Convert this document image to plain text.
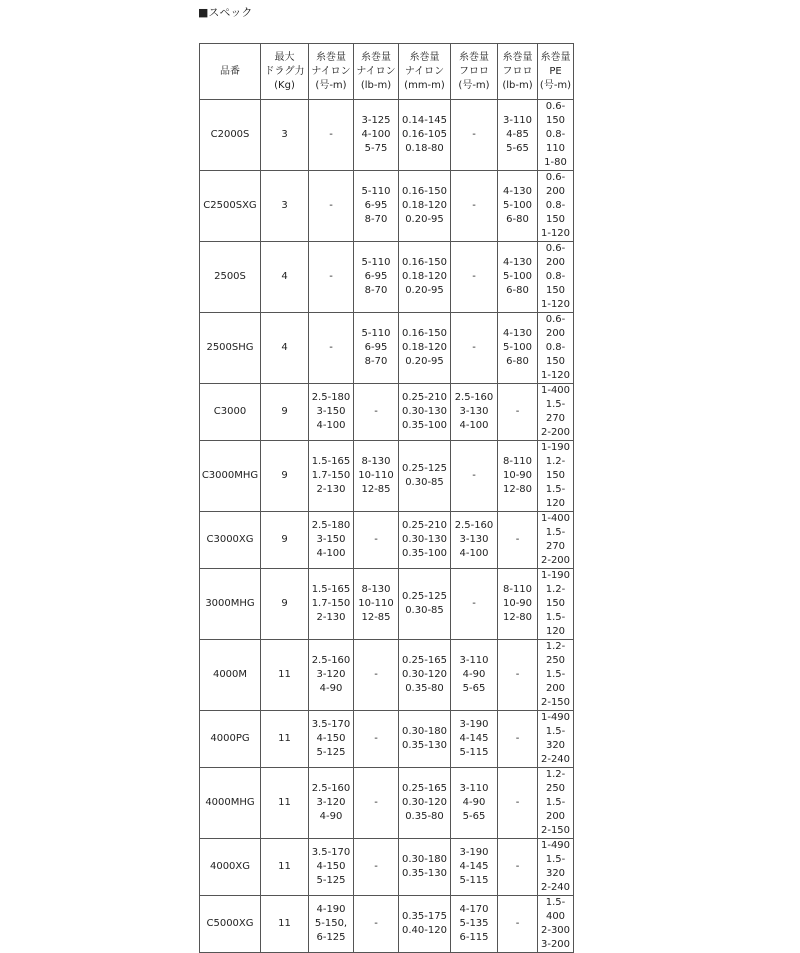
■スペック
品番	最大
ドラグ力
(Kg)	糸巻量
ナイロン
(号-m)	糸巻量
ナイロン
(lb-m)	糸巻量
ナイロン
(mm-m)	糸巻量
フロロ
(号-m)	糸巻量
フロロ
(lb-m)	糸巻量
PE
(号-m)
C2000S	3	-	3-125
4-100
5-75	0.14-145
0.16-105
0.18-80	-	3-110
4-85
5-65	0.6-150
0.8-110
1-80
C2500SXG	3	-	5-110
6-95
8-70	0.16-150
0.18-120
0.20-95	-	4-130
5-100
6-80	0.6-200
0.8-150
1-120
2500S	4	-	5-110
6-95
8-70	0.16-150
0.18-120
0.20-95	-	4-130
5-100
6-80	0.6-200
0.8-150
1-120
2500SHG	4	-	5-110
6-95
8-70	0.16-150
0.18-120
0.20-95	-	4-130
5-100
6-80	0.6-200
0.8-150
1-120
C3000	9	2.5-180
3-150
4-100	-	0.25-210
0.30-130
0.35-100	2.5-160
3-130
4-100	-	1-400
1.5-270
2-200
C3000MHG	9	1.5-165
1.7-150
2-130	8-130
10-110
12-85	0.25-125
0.30-85	-	8-110
10-90
12-80	1-190
1.2-150
1.5-120
C3000XG	9	2.5-180
3-150
4-100	-	0.25-210
0.30-130
0.35-100	2.5-160
3-130
4-100	-	1-400
1.5-270
2-200
3000MHG	9	1.5-165
1.7-150
2-130	8-130
10-110
12-85	0.25-125
0.30-85	-	8-110
10-90
12-80	1-190
1.2-150
1.5-120
4000M	11	2.5-160
3-120
4-90	-	0.25-165
0.30-120
0.35-80	3-110
4-90
5-65	-	1.2-250
1.5-200
2-150
4000PG	11	3.5-170
4-150
5-125	-	0.30-180
0.35-130	3-190
4-145
5-115	-	1-490
1.5-320
2-240
4000MHG	11	2.5-160
3-120
4-90	-	0.25-165
0.30-120
0.35-80	3-110
4-90
5-65	-	1.2-250
1.5-200
2-150
4000XG	11	3.5-170
4-150
5-125	-	0.30-180
0.35-130	3-190
4-145
5-115	-	1-490
1.5-320
2-240
C5000XG	11	4-190
5-150,
6-125	-	0.35-175
0.40-120	4-170
5-135
6-115	-	1.5-400
2-300
3-200
